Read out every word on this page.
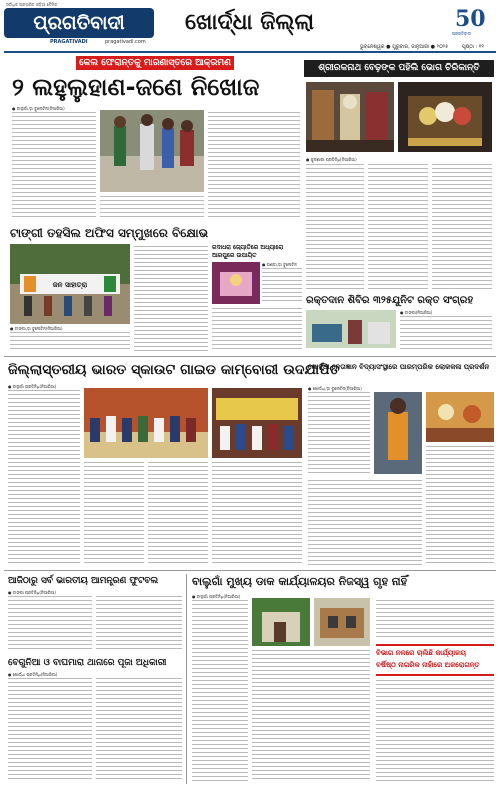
ସର୍ବାଧିକ ପ୍ରସାରିତ ଓଡ଼ିଆ ଦୈନିକ
ପ୍ରଗତିବାଦୀ
PRAGATIVADI	pragativadi.com
ଖୋର୍ଦ୍ଧା ଜିଲ୍ଲା	50
ପ୍ରଗତିବାଦୀ
ଭୁବନେଶ୍ୱର ● ଗୁରୁବାର, ଜାନୁଆରୀ ● ୨୦୨୫	ପୃଷ୍ଠା : ୧୧
କେଲ ଫେରାନ୍ତକୁ ମାରଣାସ୍ତରେ ଆକ୍ରମଣ
୨ ଲହୁଲୁହାଣ-ଜଣେ ନିଖୋଜ
● ବାଲୁଗାଁ,ଡ଼ା ବୁଲେଟିନ(ନିଆରିଆ)
ଶ୍ରୀରକନାଥ ବେଢ଼ଙ୍କ ପହିଲି ଭୋଗ ଚିରିକାନ୍ତି
● କୁଳଣାରୀ ପ୍ରତିନିଧି(ନିଆରିଆ)
ଟାଙ୍ଗୀ ତହସିଲ ଅଫିସ ସମ୍ମୁଖରେ ବିକ୍ଷୋଭ
ଜନ ସାହାତ୍ରା
● ଟାଙ୍ଗୀ,ଡ଼ା ବୁଲେଟିନ(ନିଆରିଆ)
ଗଦାଧରା ଜ୍ୟୋତିରେ ଅଧ୍ୟାରୋ
ଆରପୁରେ ଉପାୟିତ
● ଗଣ୍ଡା,ଡ଼ା ବୁଲେଟିନ
ରକ୍ତଦାନ ଶିବିର ୩୨୫ଯୁନିଟ ରକ୍ତ ସଂଗ୍ରହ
● ଟାଙ୍ଗୀ(ନିଆରିଆ)
ଜିଲ୍ଲାସ୍ତରୀୟ ଭାରତ ସ୍କାଉଟ ଗାଇଡ କାମ୍ବୋରୀ ଉଦଯାପିତ
● ବାଲୁଗାଁ ପ୍ରତିନିଧି(ନିଆରିଆ)
ଖୋର୍ଦ୍ଧା ନେତାଜ୍ଞାନ ବିଦ୍ୟାସଂସ୍ଥାରେ ପାରମ୍ପରିକ ଲୋକକଳା ପ୍ରଦର୍ଶନ
● ଖୋର୍ଦ୍ଧା,ଡ଼ା ବୁଲେଟିନ(ନିଆରିଆ)
ଆଜିଠାରୁ ସର୍ବ ଭାରତୀୟ ଆମନ୍ତ୍ରଣ ଫୁଟବଲ
● ଟାଙ୍ଗୀ ପ୍ରତିନିଧି(ନିଆରିଆ)
ବେଗୁନିଆ ଓ ବାଘମାରା ଥାନାରେ ପୂଜା ଅଧିକାରୀ
● ଖୋର୍ଦ୍ଧା ପ୍ରତିନିଧି(ନିଆରିଆ)
ବାଲୁଗାଁ ମୁଖ୍ୟ ଡାକ କାର୍ଯ୍ୟାଳୟର ନିଜସ୍ୱ ଗୃହ ନାହିଁ
● ବାଲୁଗାଁ ପ୍ରତିନିଧି(ନିଆରିଆ)
ବିଭାଗ ନଳରେ ଚାଲିଛି କାର୍ଯ୍ୟାଳୟ
ବର୍ଷିଷ୍ଠ ନାଗରିକ ନାହାଁରେ ଅଳରୋଗନ୍ତ
